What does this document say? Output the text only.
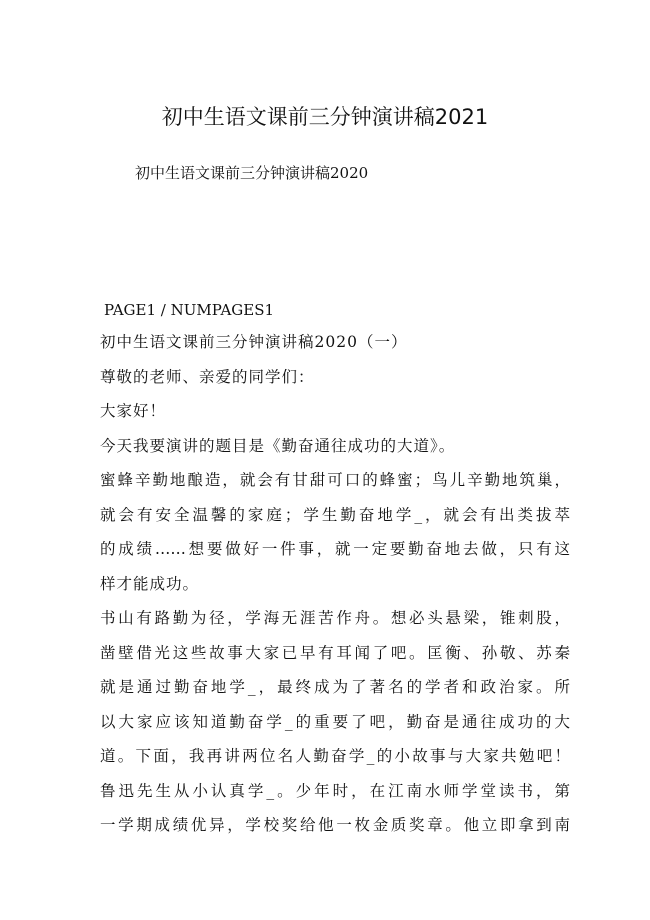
初中生语文课前三分钟演讲稿2021
初中生语文课前三分钟演讲稿2020
PAGE1 / NUMPAGES1
初中生语文课前三分钟演讲稿2020（一）
尊敬的老师、亲爱的同学们：
大家好！
今天我要演讲的题目是《勤奋通往成功的大道》。
蜜蜂辛勤地酿造，就会有甘甜可口的蜂蜜；鸟儿辛勤地筑巢，
就会有安全温馨的家庭；学生勤奋地学_，就会有出类拔萃
的成绩……想要做好一件事，就一定要勤奋地去做，只有这
样才能成功。
书山有路勤为径，学海无涯苦作舟。想必头悬梁，锥刺股，
凿壁借光这些故事大家已早有耳闻了吧。匡衡、孙敬、苏秦
就是通过勤奋地学_，最终成为了著名的学者和政治家。所
以大家应该知道勤奋学_的重要了吧，勤奋是通往成功的大
道。下面，我再讲两位名人勤奋学_的小故事与大家共勉吧！
鲁迅先生从小认真学_。少年时，在江南水师学堂读书，第
一学期成绩优异，学校奖给他一枚金质奖章。他立即拿到南
